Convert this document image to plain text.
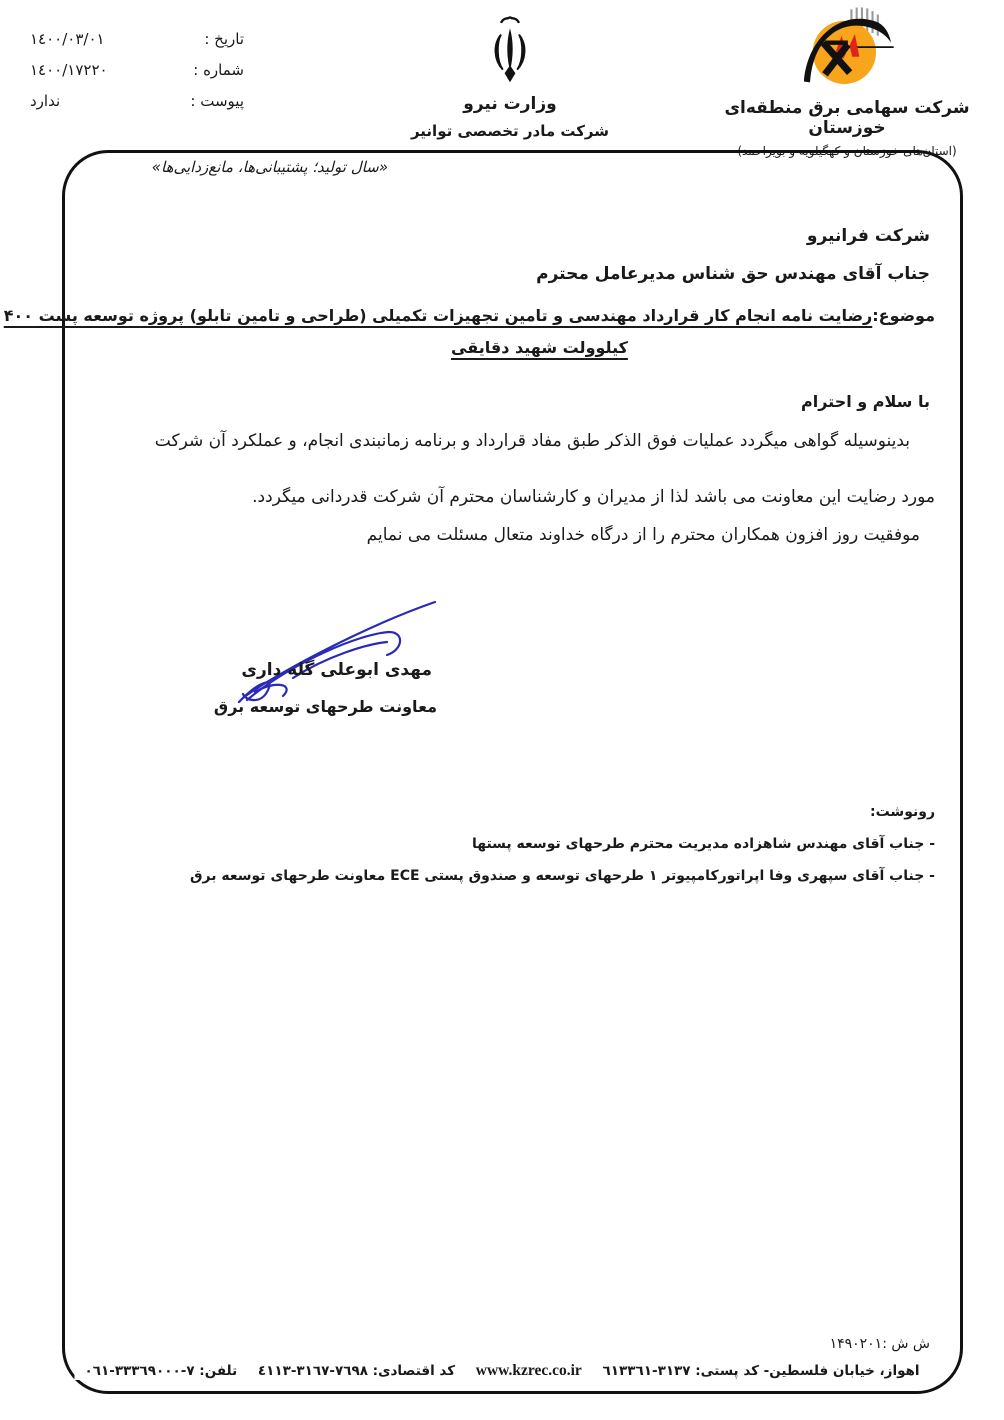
تاریخ :
١٤٠٠/٠٣/٠١
شماره :
١٤٠٠/١٧٢٢٠
پیوست :
ندارد	وزارت نیرو
شرکت مادر تخصصی توانیر
شرکت سهامی برق منطقه‌ای خوزستان
(استان‌های خوزستان و کهگیلویه و بویراحمد)
«سال تولید؛ پشتیبانی‌ها، مانع‌زدایی‌ها»
شرکت فرانیرو
جناب آقای مهندس حق شناس مدیرعامل محترم
موضوع:
رضایت نامه انجام کار قرارداد مهندسی و تامین تجهیزات تکمیلی (طراحی و تامین تابلو) پروژه توسعه پست ۴۰۰
کیلوولت شهید دقایقی
با سلام و احترام
بدینوسیله گواهی میگردد عملیات فوق الذکر طبق مفاد قرارداد و برنامه زمانبندی انجام، و عملکرد آن شرکت
مورد رضایت این معاونت می باشد لذا از مدیران و کارشناسان محترم آن شرکت قدردانی میگردد.
موفقیت روز افزون همکاران محترم را از درگاه خداوند متعال مسئلت می نمایم
مهدی ابوعلی گله داری
معاونت طرحهای توسعه برق
رونوشت:
- جناب آقای مهندس شاهزاده مدیریت محترم طرحهای توسعه پستها
- جناب آقای سپهری وفا اپراتورکامپیوتر ۱ طرحهای توسعه و صندوق پستی ECE معاونت طرحهای توسعه برق
ش ش :۱۴۹۰۲۰۱
اهواز، خیابان فلسطین- کد پستی: ٣١٣٧-٦١٣٣٦١ www.kzrec.co.ir کد اقتصادی: ٧٦٩٨-٣١٦٧-٤١١٣ تلفن: ٧-٣٣٣٦٩٠٠٠-٠٦١
